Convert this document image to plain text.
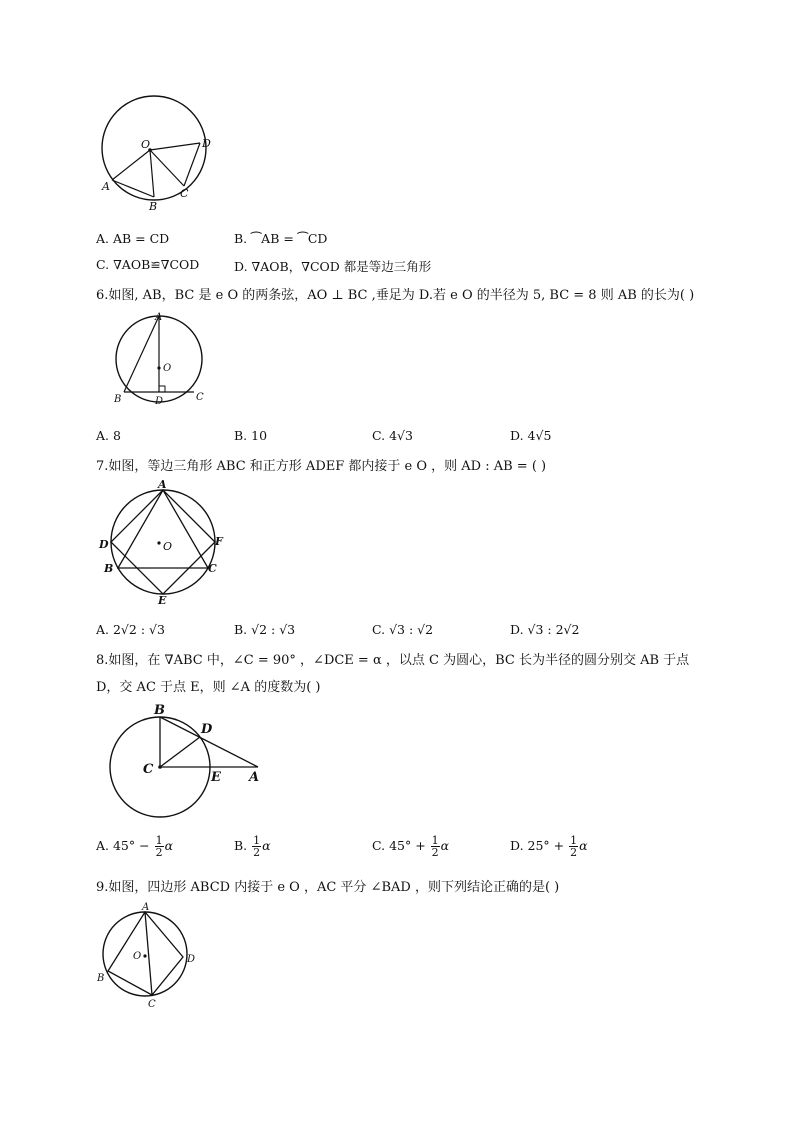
O	D
A
B
C
A. AB = CD	B. ⁀AB = ⁀CD
C. ∇AOB≌∇COD	D. ∇AOB，∇COD 都是等边三角形
6.如图, AB，BC 是 e O 的两条弦，AO ⊥ BC ,垂足为 D.若 e O 的半径为 5, BC = 8 则 AB 的长为( )
A
O
B	D	C
A. 8	B. 10	C. 4√3	D. 4√5
7.如图，等边三角形 ABC 和正方形 ADEF 都内接于 e O ，则 AD : AB = ( )
A
D	F
O
B	C
E
A. 2√2 : √3	B. √2 : √3	C. √3 : √2	D. √3 : 2√2
8.如图，在 ∇ABC 中，∠C = 90° ，∠DCE = α ，以点 C 为圆心，BC 长为半径的圆分别交 AB 于点
D，交 AC 于点 E，则 ∠A 的度数为( )
B
D
C
E A
A. $45^\circ - \frac{1}{2}$ α	B. $\frac{1}{2}$ α	C. $45^\circ + \frac{1}{2}$ α	D. $25^\circ + \frac{1}{2}$ α
9.如图，四边形 ABCD 内接于 e O ，AC 平分 ∠BAD ，则下列结论正确的是( )
A
O	D
B
C
